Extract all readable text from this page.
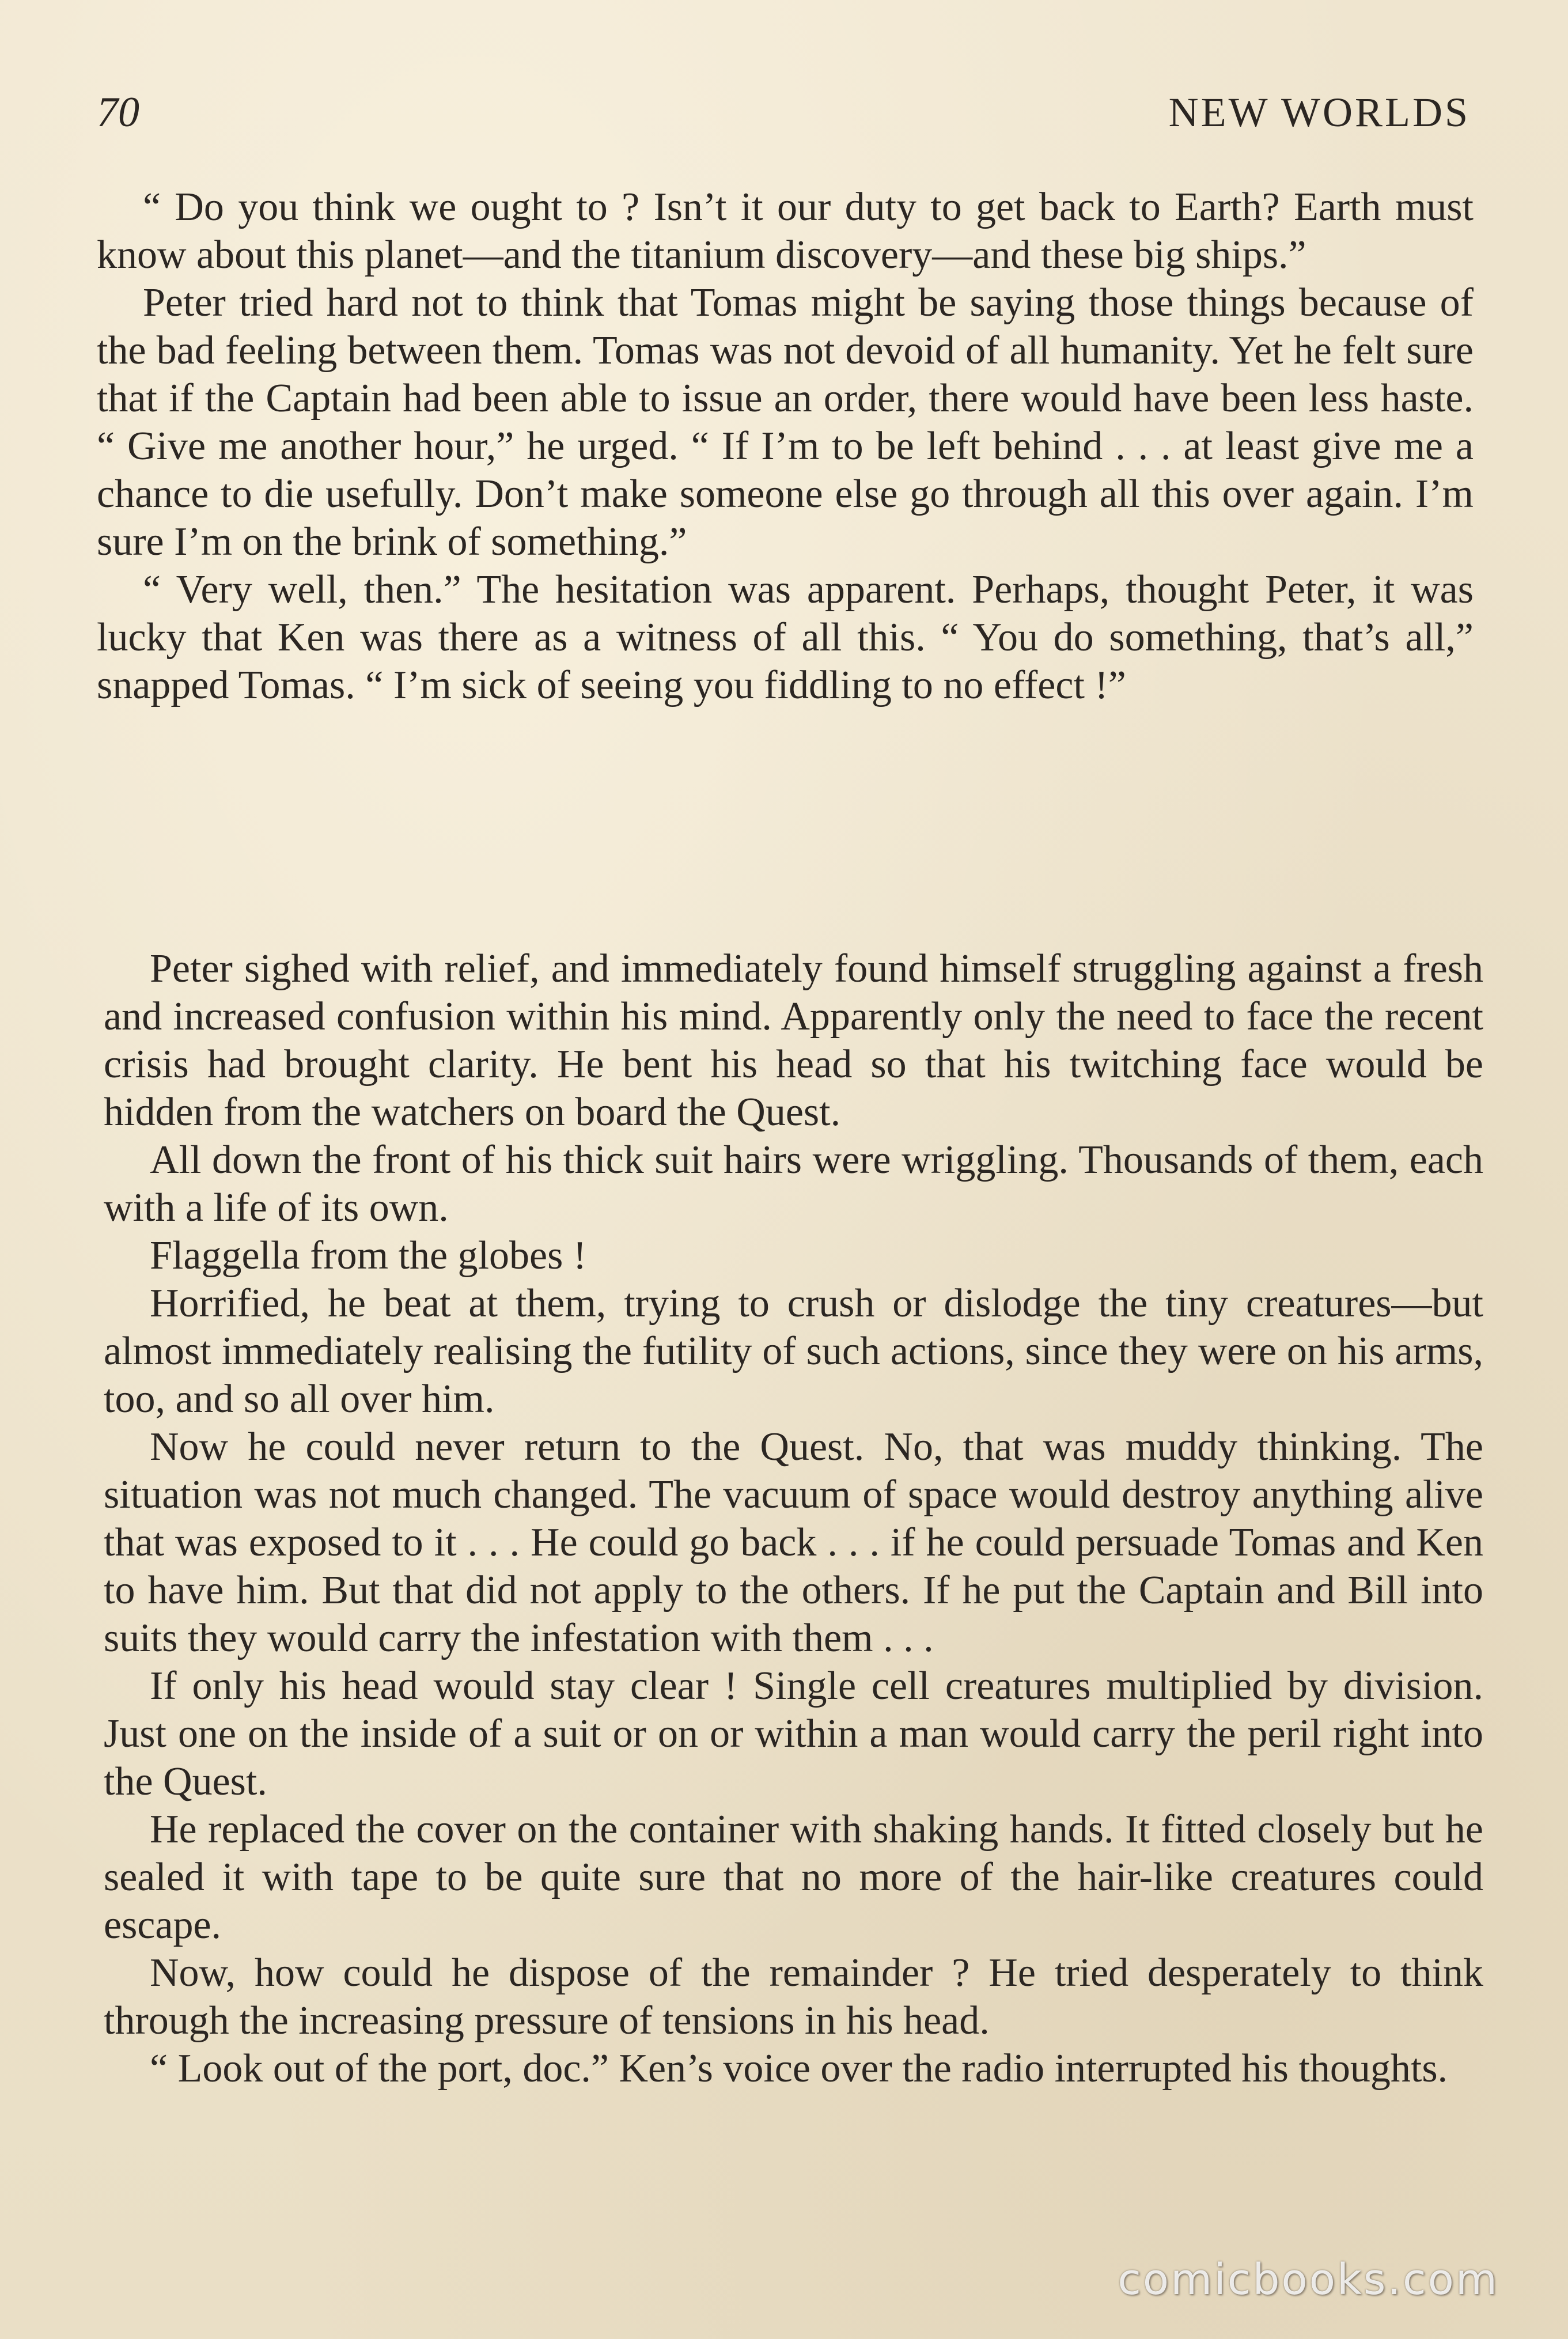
70	NEW WORLDS

“ Do you think we ought to ? Isn’t it our duty to get back to Earth? Earth must know about this planet—and the titanium discovery—and these big ships.”

Peter tried hard not to think that Tomas might be saying those things because of the bad feeling between them. Tomas was not devoid of all humanity. Yet he felt sure that if the Captain had been able to issue an order, there would have been less haste. “ Give me another hour,” he urged. “ If I’m to be left behind . . . at least give me a chance to die usefully. Don’t make someone else go through all this over again. I’m sure I’m on the brink of something.”

“ Very well, then.” The hesitation was apparent. Perhaps, thought Peter, it was lucky that Ken was there as a witness of all this. “ You do something, that’s all,” snapped Tomas. “ I’m sick of seeing you fiddling to no effect !”

Peter sighed with relief, and immediately found himself struggling against a fresh and increased confusion within his mind. Apparently only the need to face the recent crisis had brought clarity. He bent his head so that his twitching face would be hidden from the watchers on board the Quest.

All down the front of his thick suit hairs were wriggling. Thousands of them, each with a life of its own.

Flaggella from the globes !

Horrified, he beat at them, trying to crush or dislodge the tiny creatures—but almost immediately realising the futility of such actions, since they were on his arms, too, and so all over him.

Now he could never return to the Quest. No, that was muddy thinking. The situation was not much changed. The vacuum of space would destroy anything alive that was exposed to it . . . He could go back . . . if he could persuade Tomas and Ken to have him. But that did not apply to the others. If he put the Captain and Bill into suits they would carry the infestation with them . . .

If only his head would stay clear ! Single cell creatures multiplied by division. Just one on the inside of a suit or on or within a man would carry the peril right into the Quest.

He replaced the cover on the container with shaking hands. It fitted closely but he sealed it with tape to be quite sure that no more of the hair-like creatures could escape.

Now, how could he dispose of the remainder ? He tried desperately to think through the increasing pressure of tensions in his head.

“ Look out of the port, doc.” Ken’s voice over the radio interrupted his thoughts.

comicbooks.com
